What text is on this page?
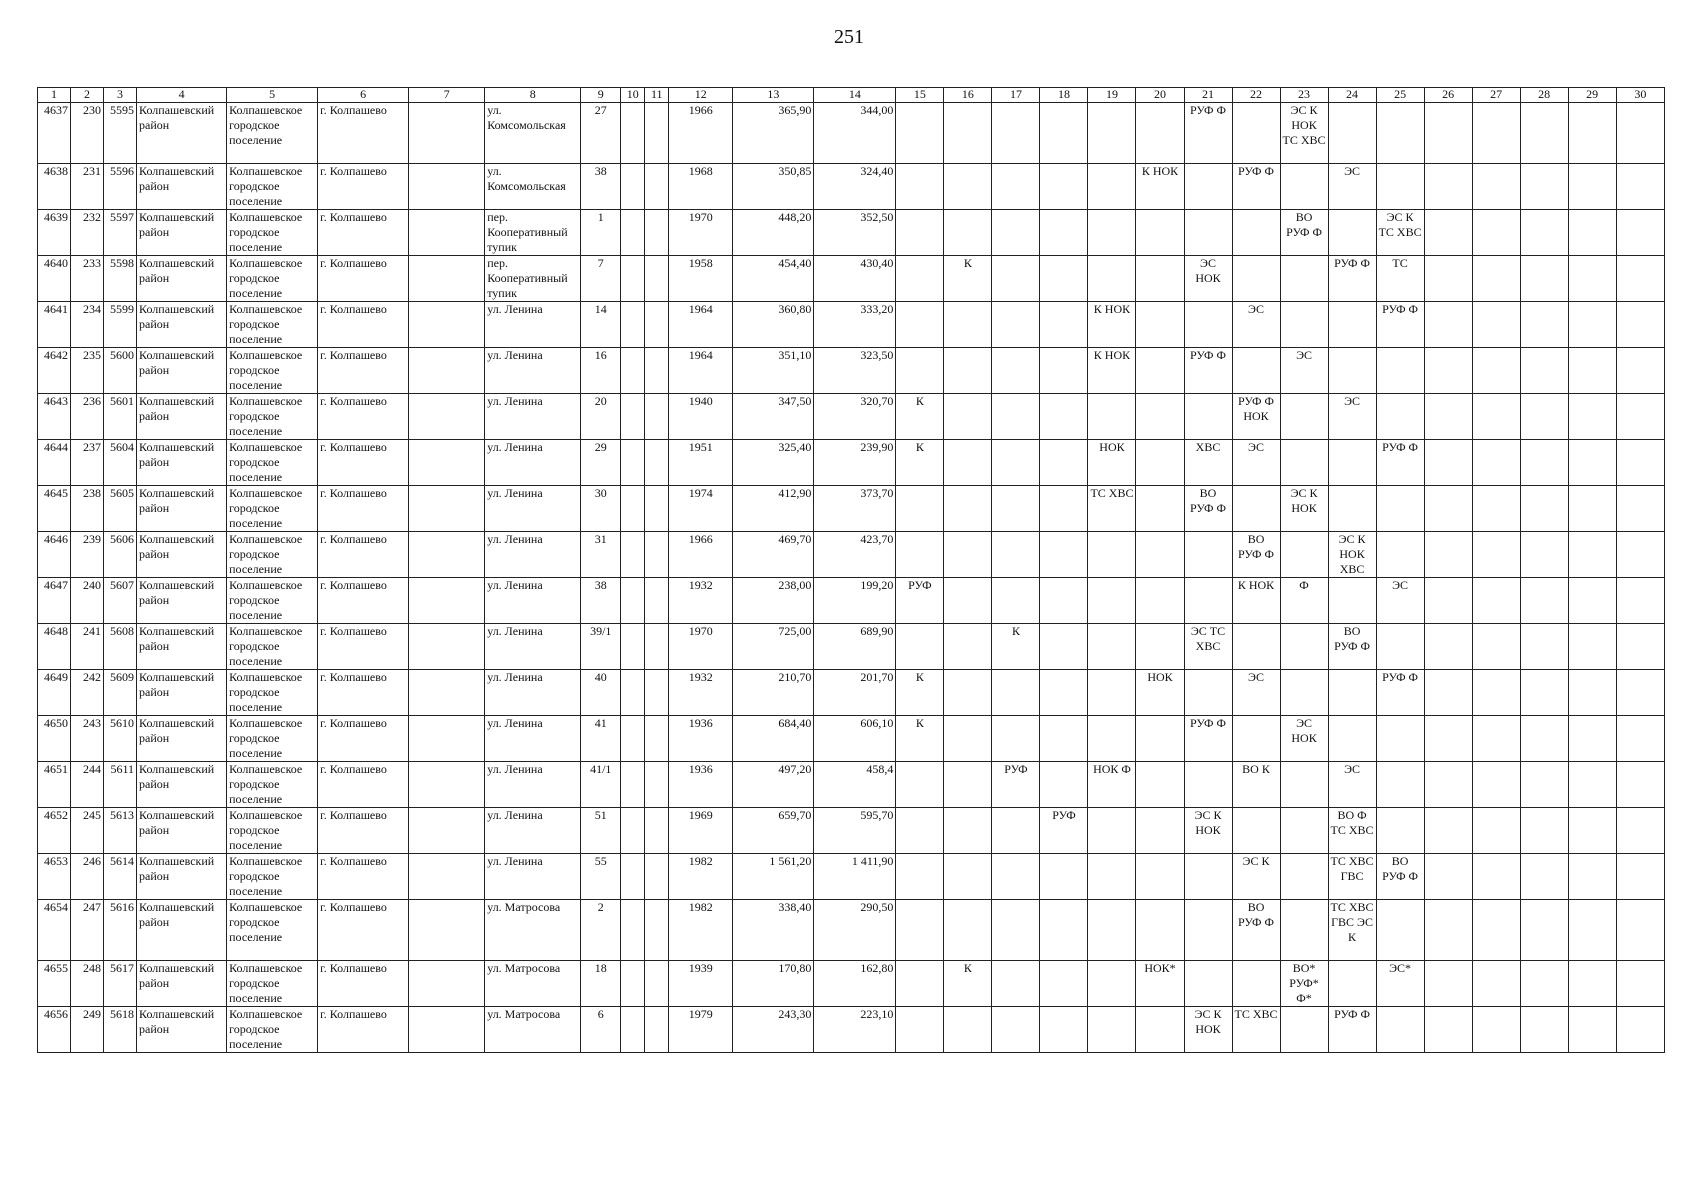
251
1	2	3	4	5	6	7	8	9	10	11	12	13	14	15	16	17	18	19	20	21	22	23	24	25	26	27	28	29	30
4637	230	5595	Колпашевский район	Колпашевское городское поселение	г. Колпашево		ул. Комсомольская	27			1966	365,90	344,00							РУФ Ф		ЭС К НОК ТС ХВС							
4638	231	5596	Колпашевский район	Колпашевское городское поселение	г. Колпашево		ул. Комсомольская	38			1968	350,85	324,40						К НОК		РУФ Ф		ЭС						
4639	232	5597	Колпашевский район	Колпашевское городское поселение	г. Колпашево		пер. Кооперативный тупик	1			1970	448,20	352,50									ВО РУФ Ф		ЭС К ТС ХВС					
4640	233	5598	Колпашевский район	Колпашевское городское поселение	г. Колпашево		пер. Кооперативный тупик	7			1958	454,40	430,40		К					ЭС НОК			РУФ Ф	ТС					
4641	234	5599	Колпашевский район	Колпашевское городское поселение	г. Колпашево		ул. Ленина	14			1964	360,80	333,20					К НОК			ЭС			РУФ Ф					
4642	235	5600	Колпашевский район	Колпашевское городское поселение	г. Колпашево		ул. Ленина	16			1964	351,10	323,50					К НОК		РУФ Ф		ЭС							
4643	236	5601	Колпашевский район	Колпашевское городское поселение	г. Колпашево		ул. Ленина	20			1940	347,50	320,70	К							РУФ Ф НОК		ЭС						
4644	237	5604	Колпашевский район	Колпашевское городское поселение	г. Колпашево		ул. Ленина	29			1951	325,40	239,90	К				НОК		ХВС	ЭС			РУФ Ф					
4645	238	5605	Колпашевский район	Колпашевское городское поселение	г. Колпашево		ул. Ленина	30			1974	412,90	373,70					ТС ХВС		ВО РУФ Ф		ЭС К НОК							
4646	239	5606	Колпашевский район	Колпашевское городское поселение	г. Колпашево		ул. Ленина	31			1966	469,70	423,70								ВО РУФ Ф		ЭС К НОК ХВС						
4647	240	5607	Колпашевский район	Колпашевское городское поселение	г. Колпашево		ул. Ленина	38			1932	238,00	199,20	РУФ							К НОК	Ф		ЭС					
4648	241	5608	Колпашевский район	Колпашевское городское поселение	г. Колпашево		ул. Ленина	39/1			1970	725,00	689,90			К				ЭС ТС ХВС			ВО РУФ Ф						
4649	242	5609	Колпашевский район	Колпашевское городское поселение	г. Колпашево		ул. Ленина	40			1932	210,70	201,70	К					НОК		ЭС			РУФ Ф					
4650	243	5610	Колпашевский район	Колпашевское городское поселение	г. Колпашево		ул. Ленина	41			1936	684,40	606,10	К						РУФ Ф		ЭС НОК							
4651	244	5611	Колпашевский район	Колпашевское городское поселение	г. Колпашево		ул. Ленина	41/1			1936	497,20	458,4			РУФ		НОК Ф			ВО К		ЭС						
4652	245	5613	Колпашевский район	Колпашевское городское поселение	г. Колпашево		ул. Ленина	51			1969	659,70	595,70				РУФ			ЭС К НОК			ВО Ф ТС ХВС						
4653	246	5614	Колпашевский район	Колпашевское городское поселение	г. Колпашево		ул. Ленина	55			1982	1 561,20	1 411,90								ЭС К		ТС ХВС ГВС	ВО РУФ Ф					
4654	247	5616	Колпашевский район	Колпашевское городское поселение	г. Колпашево		ул. Матросова	2			1982	338,40	290,50								ВО РУФ Ф		ТС ХВС ГВС ЭС К						
4655	248	5617	Колпашевский район	Колпашевское городское поселение	г. Колпашево		ул. Матросова	18			1939	170,80	162,80		К				НОК*			ВО* РУФ* Ф*		ЭС*					
4656	249	5618	Колпашевский район	Колпашевское городское поселение	г. Колпашево		ул. Матросова	6			1979	243,30	223,10							ЭС К НОК	ТС ХВС		РУФ Ф						
